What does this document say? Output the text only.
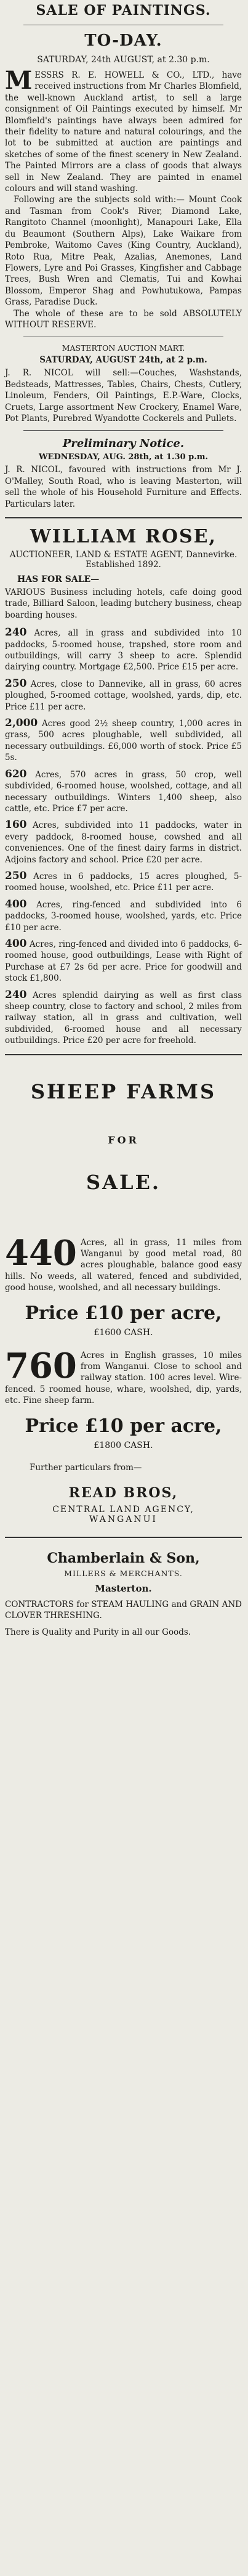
SALE OF PAINTINGS.
TO-DAY.
SATURDAY, 24th AUGUST, at 2.30 p.m.
M ESSRS R. E. HOWELL & CO., LTD., have received instructions from Mr Charles Blomfield, the well-known Auckland artist, to sell a large consignment of Oil Paintings executed by himself. Mr Blomfield's paintings have always been admired for their fidelity to nature and natural colourings, and the lot to be submitted at auction are paintings and sketches of some of the finest scenery in New Zealand. The Painted Mirrors are a class of goods that always sell in New Zealand. They are painted in enamel colours and will stand washing.

Following are the subjects sold with:— Mount Cook and Tasman from Cook's River, Diamond Lake, Rangitoto Channel (moonlight), Manapouri Lake, Ella du Beaumont (Southern Alps), Lake Waikare from Pembroke, Waitomo Caves (King Country, Auckland), Roto Rua, Mitre Peak, Azalias, Anemones, Land Flowers, Lyre and Poi Grasses, Kingfisher and Cabbage Trees, Bush Wren and Clematis, Tui and Kowhai Blossom, Emperor Shag and Powhutukowa, Pampas Grass, Paradise Duck.

The whole of these are to be sold ABSOLUTELY WITHOUT RESERVE.

MASTERTON AUCTION MART.
SATURDAY, AUGUST 24th, at 2 p.m.

J. R. NICOL will sell:—Couches, Washstands, Bedsteads, Mattresses, Tables, Chairs, Chests, Cutlery, Linoleum, Fenders, Oil Paintings, E.P.-Ware, Clocks, Cruets, Large assortment New Crockery, Enamel Ware, Pot Plants, Purebred Wyandotte Cockerels and Pullets.

Preliminary Notice.
WEDNESDAY, AUG. 28th, at 1.30 p.m.

J. R. NICOL, favoured with instructions from Mr J. O'Malley, South Road, who is leaving Masterton, will sell the whole of his Household Furniture and Effects. Particulars later.

WILLIAM ROSE,
AUCTIONEER, LAND & ESTATE AGENT, Dannevirke.
Established 1892.
HAS FOR SALE—

VARIOUS Business including hotels, cafe doing good trade, Billiard Saloon, leading butchery business, cheap boarding houses.

240 Acres, all in grass and subdivided into 10 paddocks, 5-roomed house, trapshed, store room and outbuildings, will carry 3 sheep to acre. Splendid dairying country. Mortgage £2,500. Price £15 per acre.

250 Acres, close to Dannevike, all in grass, 60 acres ploughed, 5-roomed cottage, woolshed, yards, dip, etc. Price £11 per acre.

2,000 Acres good 2½ sheep country, 1,000 acres in grass, 500 acres ploughable, well subdivided, all necessary outbuildings. £6,000 worth of stock. Price £5 5s.

620 Acres, 570 acres in grass, 50 crop, well subdivided, 6-roomed house, woolshed, cottage, and all necessary outbuildings. Winters 1,400 sheep, also cattle, etc. Price £7 per acre.

160 Acres, subdivided into 11 paddocks, water in every paddock, 8-roomed house, cowshed and all conveniences. One of the finest dairy farms in district. Adjoins factory and school. Price £20 per acre.

250 Acres in 6 paddocks, 15 acres ploughed, 5-roomed house, woolshed, etc. Price £11 per acre.

400 Acres, ring-fenced and subdivided into 6 paddocks, 3-roomed house, woolshed, yards, etc. Price £10 per acre.

400 Acres, ring-fenced and divided into 6 paddocks, 6-roomed house, good outbuildings, Lease with Right of Purchase at £7 2s 6d per acre. Price for goodwill and stock £1,800.

240 Acres splendid dairying as well as first class sheep country, close to factory and school, 2 miles from railway station, all in grass and cultivation, well subdivided, 6-roomed house and all necessary outbuildings. Price £20 per acre for freehold.

SHEEP FARMS
FOR
SALE.
440 Acres, all in grass, 11 miles from Wanganui by good metal road, 80 acres ploughable, balance good easy hills. No weeds, all watered, fenced and subdivided, good house, woolshed, and all necessary buildings.

Price £10 per acre,
£1600 CASH.
760 Acres in English grasses, 10 miles from Wanganui. Close to school and railway station. 100 acres level. Wire-fenced. 5 roomed house, whare, woolshed, dip, yards, etc. Fine sheep farm.

Price £10 per acre,
£1800 CASH.
Further particulars from—
READ BROS,
CENTRAL LAND AGENCY,
WANGANUI
Chamberlain & Son,
MILLERS & MERCHANTS.
Masterton.

CONTRACTORS for STEAM HAULING and GRAIN AND CLOVER THRESHING.

There is Quality and Purity in all our Goods.
